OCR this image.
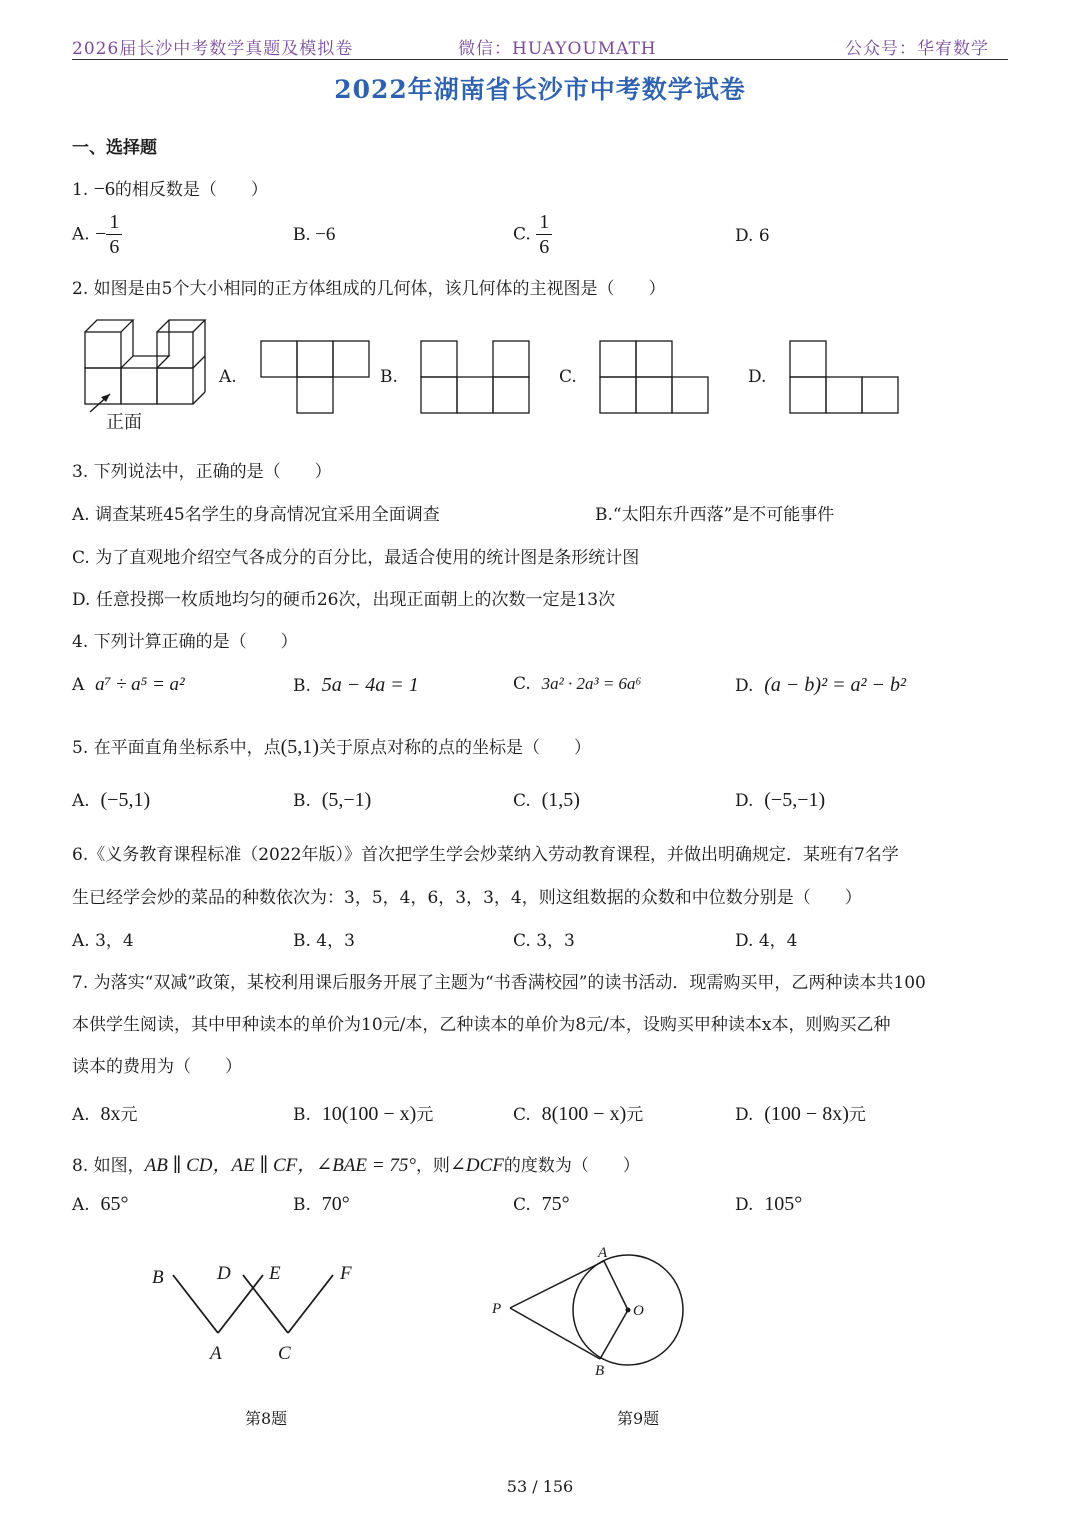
2026届长沙中考数学真题及模拟卷	微信：HUAYOUMATH	公众号：华宥数学
2022年湖南省长沙市中考数学试卷
一、选择题
1. −6的相反数是（　　）
A. − $\frac{1}{6}$	B. −6	C. $\frac{1}{6}$	D. 6
2. 如图是由5个大小相同的正方体组成的几何体，该几何体的主视图是（　　）
正面
A.	B.	C.	D.
3. 下列说法中，正确的是（　　）
A. 调查某班45名学生的身高情况宜采用全面调查	B.“太阳东升西落”是不可能事件
C. 为了直观地介绍空气各成分的百分比，最适合使用的统计图是条形统计图
D. 任意投掷一枚质地均匀的硬币26次，出现正面朝上的次数一定是13次
4. 下列计算正确的是（　　）
A a⁷ ÷ a⁵ = a²	B. 5a − 4a = 1	C. 3a² · 2a³ = 6a⁶	D. (a − b)² = a² − b²
5. 在平面直角坐标系中，点(5,1)关于原点对称的点的坐标是（　　）
A. (−5,1)	B. (5,−1)	C. (1,5)	D. (−5,−1)
6.《义务教育课程标准（2022年版）》首次把学生学会炒菜纳入劳动教育课程，并做出明确规定．某班有7名学
生已经学会炒的菜品的种数依次为：3，5，4，6，3，3，4，则这组数据的众数和中位数分别是（　　）
A. 3，4	B. 4，3	C. 3，3	D. 4，4
7. 为落实“双减”政策，某校利用课后服务开展了主题为“书香满校园”的读书活动．现需购买甲，乙两种读本共100
本供学生阅读，其中甲种读本的单价为10元/本，乙种读本的单价为8元/本，设购买甲种读本x本，则购买乙种
读本的费用为（　　）
A. 8x元	B. 10(100 − x)元	C. 8(100 − x)元	D. (100 − 8x)元
8. 如图，AB ∥ CD，AE ∥ CF，∠BAE = 75°，则∠DCF的度数为（　　）
A. 65°	B. 70°	C. 75°	D. 105°
B	D E	F
A	C
第8题
A
P	O
B
第9题
53 / 156
